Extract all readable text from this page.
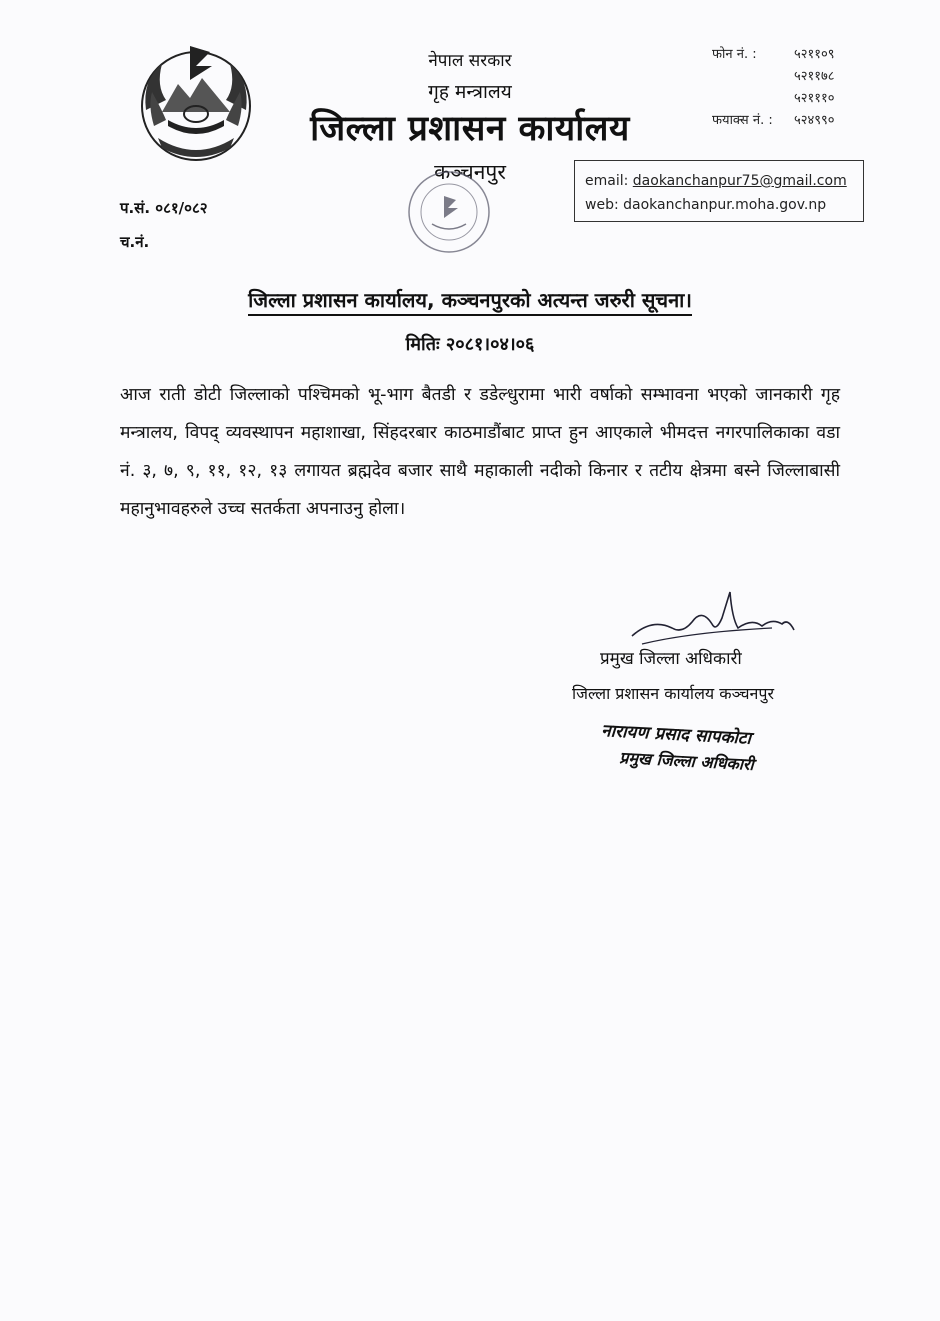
नेपाल सरकार
गृह मन्त्रालय
जिल्ला प्रशासन कार्यालय
कञ्चनपुर
फोन नं. :	५२११०९
५२११७८
५२१११०
फयाक्स नं. :	५२४९९०
email: daokanchanpur75@gmail.com
web: daokanchanpur.moha.gov.np
प.सं. ०८१/०८२
च.नं.
जिल्ला प्रशासन कार्यालय, कञ्चनपुरको अत्यन्त जरुरी सूचना।
मितिः २०८१।०४।०६
आज राती डोटी जिल्लाको पश्चिमको भू-भाग बैतडी र डडेल्धुरामा भारी वर्षाको सम्भावना भएको जानकारी गृह मन्त्रालय, विपद् व्यवस्थापन महाशाखा, सिंहदरबार काठमाडौंबाट प्राप्त हुन आएकाले भीमदत्त नगरपालिकाका वडा नं. ३, ७, ९, ११, १२, १३ लगायत ब्रह्मदेव बजार साथै महाकाली नदीको किनार र तटीय क्षेत्रमा बस्ने जिल्लाबासी महानुभावहरुले उच्च सतर्कता अपनाउनु होला।
प्रमुख जिल्ला अधिकारी
जिल्ला प्रशासन कार्यालय कञ्चनपुर
नारायण प्रसाद सापकोटा
प्रमुख जिल्ला अधिकारी
